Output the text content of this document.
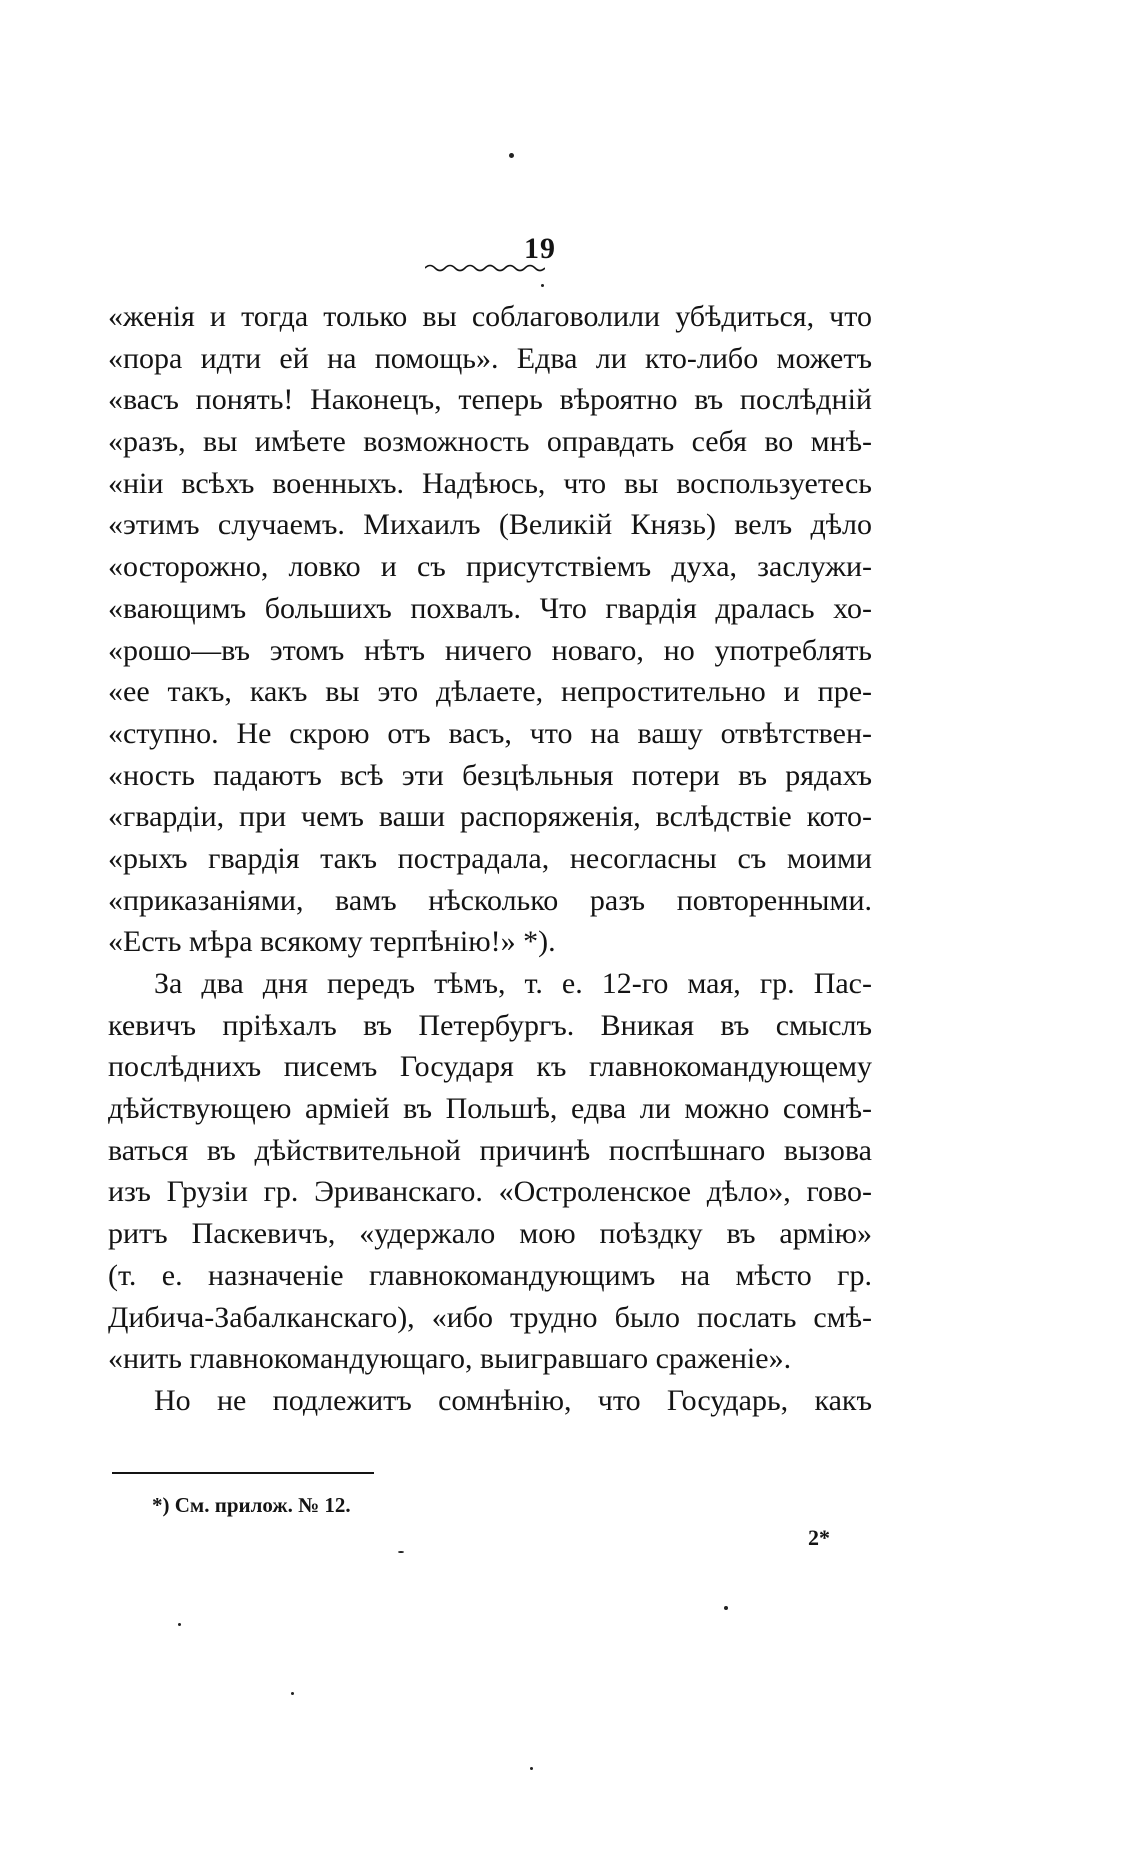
19
«женія и тогда только вы соблаговолили убѣдиться, что
«пора идти ей на помощь». Едва ли кто-либо можетъ
«васъ понять! Наконецъ, теперь вѣроятно въ послѣдній
«разъ, вы имѣете возможность оправдать себя во мнѣ-
«ніи всѣхъ военныхъ. Надѣюсь, что вы воспользуетесь
«этимъ случаемъ. Михаилъ (Великій Князь) велъ дѣло
«осторожно, ловко и съ присутствіемъ духа, заслужи-
«вающимъ большихъ похвалъ. Что гвардія дралась хо-
«рошо—въ этомъ нѣтъ ничего новаго, но употреблять
«ее такъ, какъ вы это дѣлаете, непростительно и пре-
«ступно. Не скрою отъ васъ, что на вашу отвѣтствен-
«ность падаютъ всѣ эти безцѣльныя потери въ рядахъ
«гвардіи, при чемъ ваши распоряженія, вслѣдствіе кото-
«рыхъ гвардія такъ пострадала, несогласны съ моими
«приказаніями, вамъ нѣсколько разъ повторенными.
«Есть мѣра всякому терпѣнію!» *).
За два дня передъ тѣмъ, т. е. 12-го мая, гр. Пас-
кевичъ пріѣхалъ въ Петербургъ. Вникая въ смыслъ
послѣднихъ писемъ Государя къ главнокомандующему
дѣйствующею арміей въ Польшѣ, едва ли можно сомнѣ-
ваться въ дѣйствительной причинѣ поспѣшнаго вызова
изъ Грузіи гр. Эриванскаго. «Остроленское дѣло», гово-
ритъ Паскевичъ, «удержало мою поѣздку въ армію»
(т. е. назначеніе главнокомандующимъ на мѣсто гр.
Дибича-Забалканскаго), «ибо трудно было послать смѣ-
«нить главнокомандующаго, выигравшаго сраженіе».
Но не подлежитъ сомнѣнію, что Государь, какъ
*) См. прилож. № 12.
2*
